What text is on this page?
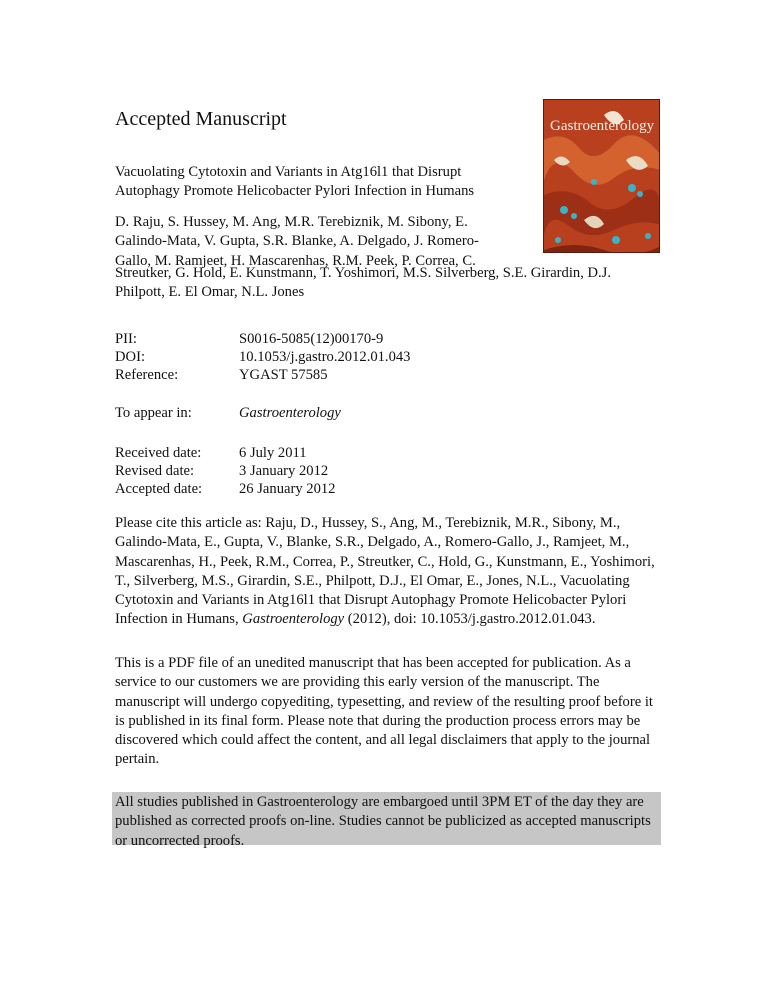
Accepted Manuscript	Gastroenterology
Vacuolating Cytotoxin and Variants in Atg16l1 that Disrupt
Autophagy Promote Helicobacter Pylori Infection in Humans
D. Raju, S. Hussey, M. Ang, M.R. Terebiznik, M. Sibony, E.
Galindo-Mata, V. Gupta, S.R. Blanke, A. Delgado, J. Romero-
Gallo, M. Ramjeet, H. Mascarenhas, R.M. Peek, P. Correa, C.
Streutker, G. Hold, E. Kunstmann, T. Yoshimori, M.S. Silverberg, S.E. Girardin, D.J.
Philpott, E. El Omar, N.L. Jones
PII:	S0016-5085(12)00170-9
DOI:	10.1053/j.gastro.2012.01.043
Reference:	YGAST 57585
To appear in:	Gastroenterology
Received date:	6 July 2011
Revised date:	3 January 2012
Accepted date:	26 January 2012
Please cite this article as: Raju, D., Hussey, S., Ang, M., Terebiznik, M.R., Sibony, M., Galindo-Mata, E., Gupta, V., Blanke, S.R., Delgado, A., Romero-Gallo, J., Ramjeet, M., Mascarenhas, H., Peek, R.M., Correa, P., Streutker, C., Hold, G., Kunstmann, E., Yoshimori, T., Silverberg, M.S., Girardin, S.E., Philpott, D.J., El Omar, E., Jones, N.L., Vacuolating Cytotoxin and Variants in Atg16l1 that Disrupt Autophagy Promote Helicobacter Pylori Infection in Humans, Gastroenterology (2012), doi: 10.1053/j.gastro.2012.01.043.
This is a PDF file of an unedited manuscript that has been accepted for publication. As a service to our customers we are providing this early version of the manuscript. The manuscript will undergo copyediting, typesetting, and review of the resulting proof before it is published in its final form. Please note that during the production process errors may be discovered which could affect the content, and all legal disclaimers that apply to the journal pertain.
All studies published in Gastroenterology are embargoed until 3PM ET of the day they are published as corrected proofs on-line. Studies cannot be publicized as accepted manuscripts or uncorrected proofs.
